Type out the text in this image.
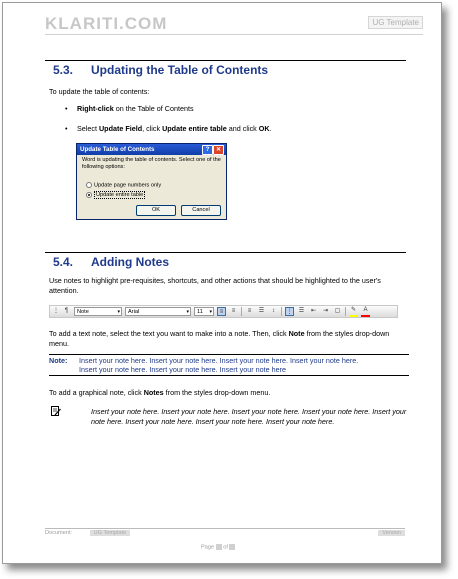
KLARITI.COM	UG Template
5.3. Updating the Table of Contents
To update the table of contents:
• Right-click on the Table of Contents
• Select Update Field, click Update entire table and click OK.
Update Table of Contents	?	✕
Word is updating the table of contents. Select one of the following options:
Update page numbers only
Update entire table
OK	Cancel
5.4. Adding Notes
Use notes to highlight pre-requisites, shortcuts, and other actions that should be highlighted to the user's attention.
⋮ ¶	Note	▾	Arial	▾	11 ▾	≡	≡	≡	☰	↕	⋮ ☰	⇤	⇥	▢	✎	A
To add a text note, select the text you want to make into a note. Then, click Note from the styles drop-down menu.
Note: Insert your note here. Insert your note here. Insert your note here. Insert your note here.
Insert your note here. Insert your note here. Insert your note here
To add a graphical note, click Notes from the styles drop-down menu.
Insert your note here. Insert your note here. Insert your note here. Insert your note here. Insert your note here. Insert your note here. Insert your note here. Insert your note here.
Document:	UG Template	Version
Page of
